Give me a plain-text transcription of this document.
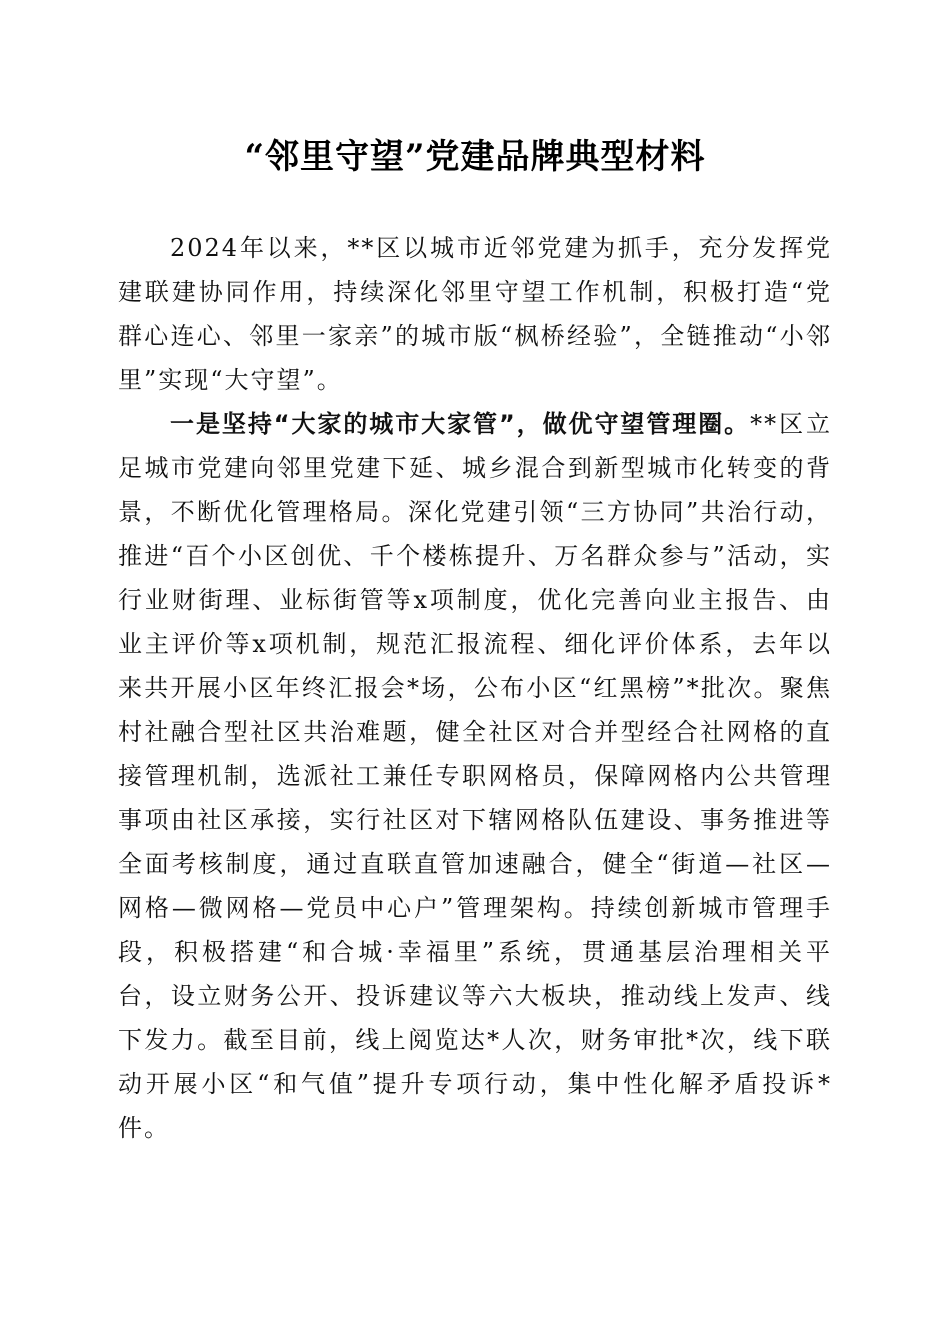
“邻里守望”党建品牌典型材料

2024年以来，**区以城市近邻党建为抓手，充分发挥党建联建协同作用，持续深化邻里守望工作机制，积极打造“党群心连心、邻里一家亲”的城市版“枫桥经验”，全链推动“小邻里”实现“大守望”。

一是坚持“大家的城市大家管”，做优守望管理圈。**区立足城市党建向邻里党建下延、城乡混合到新型城市化转变的背景，不断优化管理格局。深化党建引领“三方协同”共治行动，推进“百个小区创优、千个楼栋提升、万名群众参与”活动，实行业财街理、业标街管等x项制度，优化完善向业主报告、由业主评价等x项机制，规范汇报流程、细化评价体系，去年以来共开展小区年终汇报会*场，公布小区“红黑榜”*批次。聚焦村社融合型社区共治难题，健全社区对合并型经合社网格的直接管理机制，选派社工兼任专职网格员，保障网格内公共管理事项由社区承接，实行社区对下辖网格队伍建设、事务推进等全面考核制度，通过直联直管加速融合，健全“街道—社区—网格—微网格—党员中心户”管理架构。持续创新城市管理手段，积极搭建“和合城·幸福里”系统，贯通基层治理相关平台，设立财务公开、投诉建议等六大板块，推动线上发声、线下发力。截至目前，线上阅览达*人次，财务审批*次，线下联动开展小区“和气值”提升专项行动，集中性化解矛盾投诉*件。
